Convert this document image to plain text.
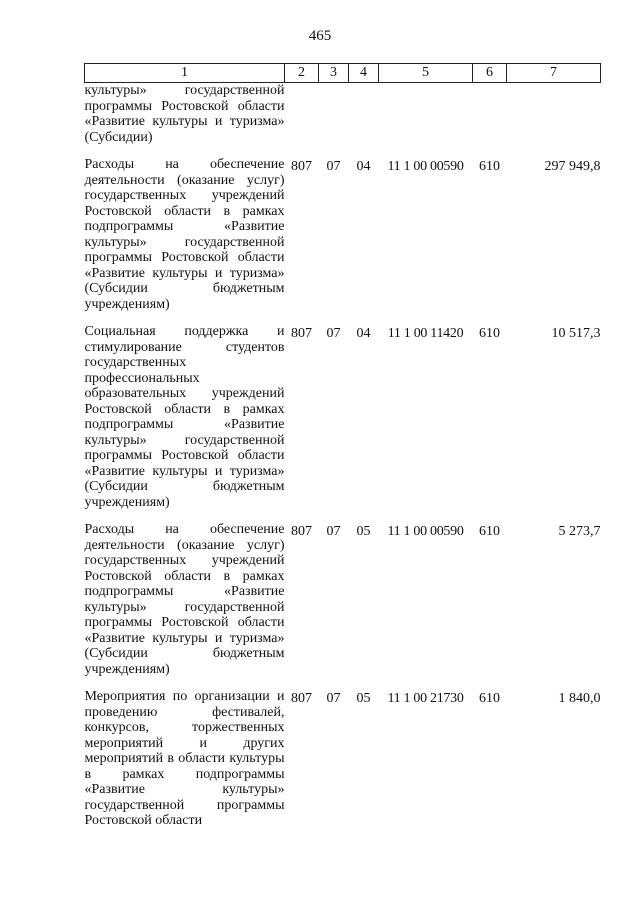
465
1	2	3	4	5	6	7
культуры» государственной программы Ростовской области «Развитие культуры и туризма» (Субсидии)						
Расходы на обеспечение деятельности (оказание услуг) государственных учреждений Ростовской области в рамках подпрограммы «Развитие культуры» государственной программы Ростовской области «Развитие культуры и туризма» (Субсидии бюджетным учреждениям)	807	07	04	11 1 00 00590	610	297 949,8
Социальная поддержка и стимулирование студентов государственных профессиональных образовательных учреждений Ростовской области в рамках подпрограммы «Развитие культуры» государственной программы Ростовской области «Развитие культуры и туризма» (Субсидии бюджетным учреждениям)	807	07	04	11 1 00 11420	610	10 517,3
Расходы на обеспечение деятельности (оказание услуг) государственных учреждений Ростовской области в рамках подпрограммы «Развитие культуры» государственной программы Ростовской области «Развитие культуры и туризма» (Субсидии бюджетным учреждениям)	807	07	05	11 1 00 00590	610	5 273,7
Мероприятия по организации и проведению фестивалей, конкурсов, торжественных мероприятий и других мероприятий в области культуры в рамках подпрограммы «Развитие культуры» государственной программы Ростовской области	807	07	05	11 1 00 21730	610	1 840,0
